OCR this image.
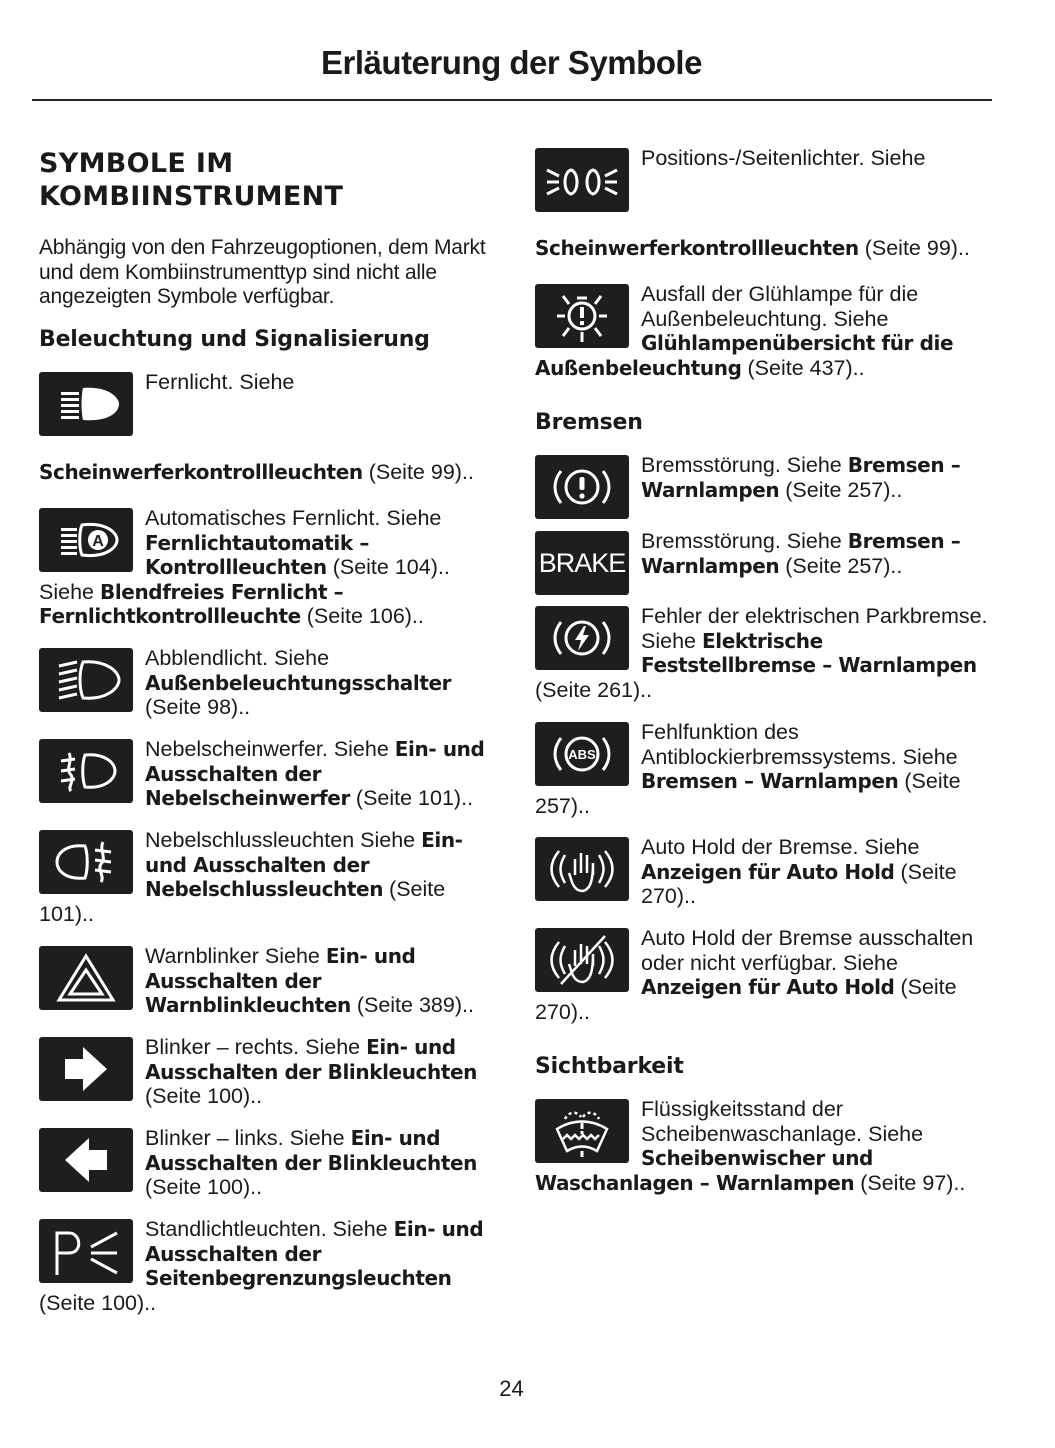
Erläuterung der Symbole
SYMBOLE IM
KOMBIINSTRUMENT
Abhängig von den Fahrzeugoptionen, dem Markt und dem Kombiinstrumenttyp sind nicht alle angezeigten Symbole verfügbar.
Beleuchtung und Signalisierung
Fernlicht. Siehe
Scheinwerferkontrollleuchten (Seite 99)..
A
Automatisches Fernlicht. Siehe Fernlichtautomatik – Kontrollleuchten (Seite 104).. Siehe Blendfreies Fernlicht – Fernlichtkontrollleuchte (Seite 106)..
Abblendlicht. Siehe Außenbeleuchtungsschalter (Seite 98)..
Nebelscheinwerfer. Siehe Ein- und Ausschalten der Nebelscheinwerfer (Seite 101)..
Nebelschlussleuchten Siehe Ein- und Ausschalten der Nebelschlussleuchten (Seite 101)..
Warnblinker Siehe Ein- und Ausschalten der Warnblinkleuchten (Seite 389)..
Blinker – rechts. Siehe Ein- und Ausschalten der Blinkleuchten (Seite 100)..
Blinker – links. Siehe Ein- und Ausschalten der Blinkleuchten (Seite 100)..
Standlichtleuchten. Siehe Ein- und Ausschalten der Seitenbegrenzungsleuchten (Seite 100)..
Positions-/Seitenlichter. Siehe
Scheinwerferkontrollleuchten (Seite 99)..
Ausfall der Glühlampe für die Außenbeleuchtung. Siehe Glühlampenübersicht für die Außenbeleuchtung (Seite 437)..
Bremsen
Bremsstörung. Siehe Bremsen – Warnlampen (Seite 257)..
BRAKE
Bremsstörung. Siehe Bremsen – Warnlampen (Seite 257)..
Fehler der elektrischen Parkbremse. Siehe Elektrische Feststellbremse – Warnlampen (Seite 261)..
ABS
Fehlfunktion des Antiblockierbremssystems. Siehe Bremsen – Warnlampen (Seite 257)..
Auto Hold der Bremse. Siehe Anzeigen für Auto Hold (Seite 270)..
Auto Hold der Bremse ausschalten oder nicht verfügbar. Siehe Anzeigen für Auto Hold (Seite 270)..
Sichtbarkeit
Flüssigkeitsstand der Scheibenwaschanlage. Siehe Scheibenwischer und Waschanlagen – Warnlampen (Seite 97)..
24
